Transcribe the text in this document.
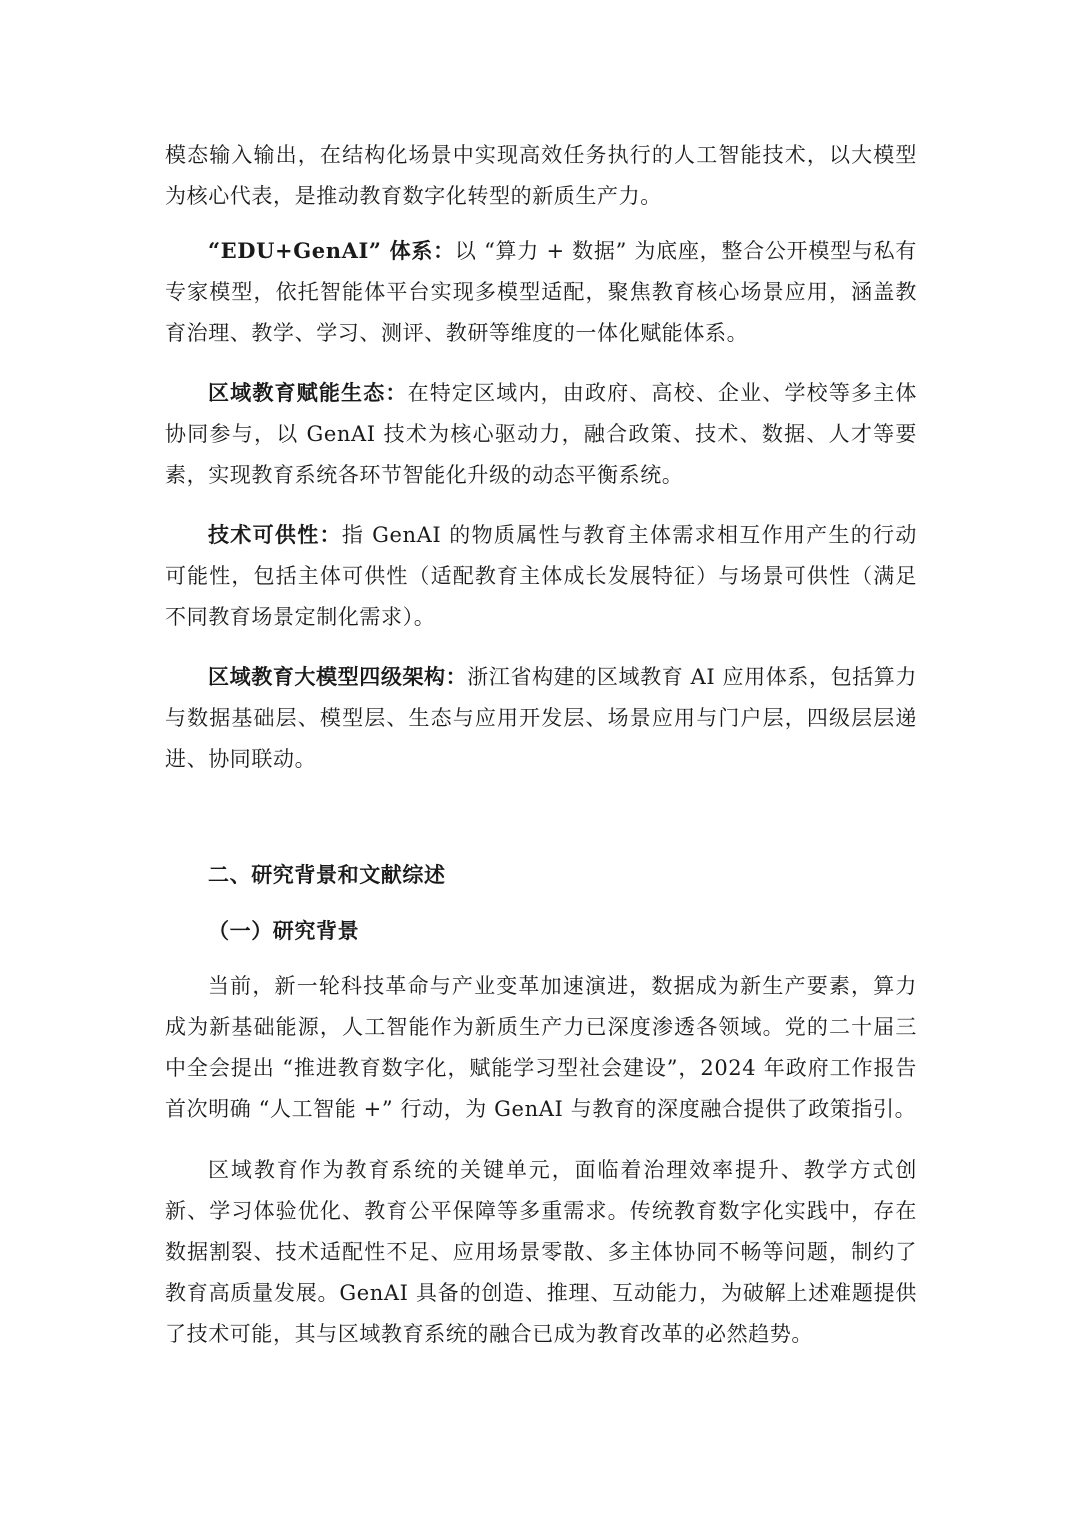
模态输入输出，在结构化场景中实现高效任务执行的人工智能技术，以大模型为核心代表，是推动教育数字化转型的新质生产力。

“EDU+GenAI” 体系：以 “算力 + 数据” 为底座，整合公开模型与私有专家模型，依托智能体平台实现多模型适配，聚焦教育核心场景应用，涵盖教育治理、教学、学习、测评、教研等维度的一体化赋能体系。

区域教育赋能生态：在特定区域内，由政府、高校、企业、学校等多主体协同参与，以 GenAI 技术为核心驱动力，融合政策、技术、数据、人才等要素，实现教育系统各环节智能化升级的动态平衡系统。

技术可供性：指 GenAI 的物质属性与教育主体需求相互作用产生的行动可能性，包括主体可供性（适配教育主体成长发展特征）与场景可供性（满足不同教育场景定制化需求）。

区域教育大模型四级架构：浙江省构建的区域教育 AI 应用体系，包括算力与数据基础层、模型层、生态与应用开发层、场景应用与门户层，四级层层递进、协同联动。

二、研究背景和文献综述
（一）研究背景

当前，新一轮科技革命与产业变革加速演进，数据成为新生产要素，算力成为新基础能源，人工智能作为新质生产力已深度渗透各领域。党的二十届三中全会提出 “推进教育数字化，赋能学习型社会建设”，2024 年政府工作报告首次明确 “人工智能 +” 行动，为 GenAI 与教育的深度融合提供了政策指引。

区域教育作为教育系统的关键单元，面临着治理效率提升、教学方式创新、学习体验优化、教育公平保障等多重需求。传统教育数字化实践中，存在数据割裂、技术适配性不足、应用场景零散、多主体协同不畅等问题，制约了教育高质量发展。GenAI 具备的创造、推理、互动能力，为破解上述难题提供了技术可能，其与区域教育系统的融合已成为教育改革的必然趋势。
